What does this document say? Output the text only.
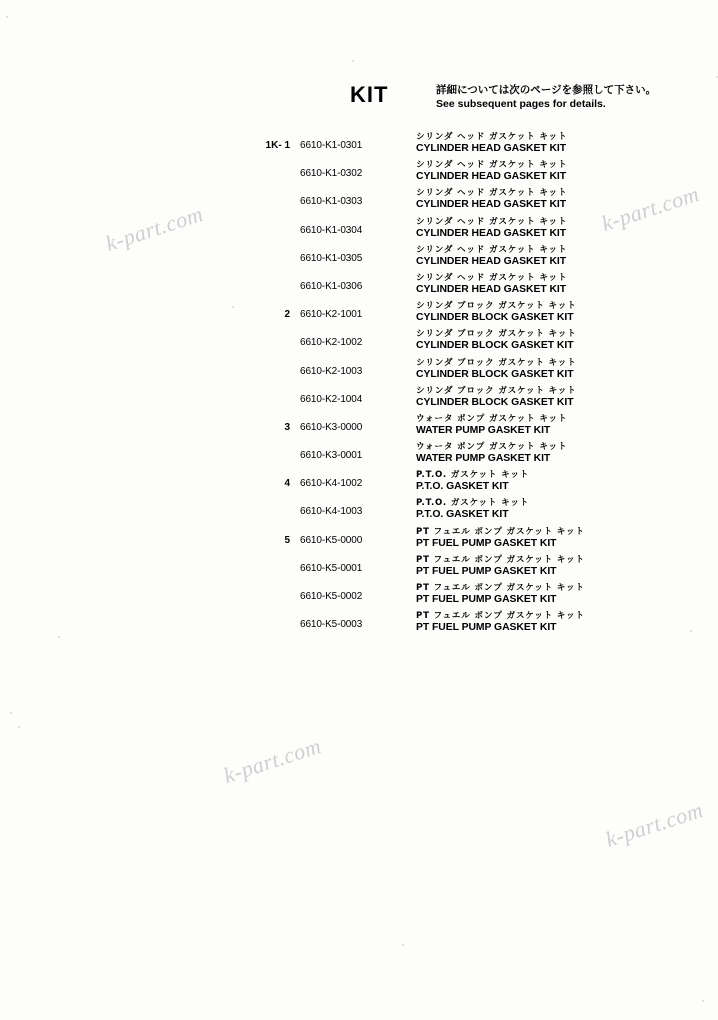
k-part.com	k-part.com
k-part.com
k-part.com
KIT	詳細については次のページを参照して下さい。
See subsequent pages for details.
1K- 1	6610-K1-0301
シリンダ ヘッド ガスケット キット
CYLINDER HEAD GASKET KIT
6610-K1-0302
シリンダ ヘッド ガスケット キット
CYLINDER HEAD GASKET KIT
6610-K1-0303
シリンダ ヘッド ガスケット キット
CYLINDER HEAD GASKET KIT
6610-K1-0304
シリンダ ヘッド ガスケット キット
CYLINDER HEAD GASKET KIT
6610-K1-0305
シリンダ ヘッド ガスケット キット
CYLINDER HEAD GASKET KIT
6610-K1-0306
シリンダ ヘッド ガスケット キット
CYLINDER HEAD GASKET KIT
2	6610-K2-1001
シリンダ ブロック ガスケット キット
CYLINDER BLOCK GASKET KIT
6610-K2-1002
シリンダ ブロック ガスケット キット
CYLINDER BLOCK GASKET KIT
6610-K2-1003
シリンダ ブロック ガスケット キット
CYLINDER BLOCK GASKET KIT
6610-K2-1004
シリンダ ブロック ガスケット キット
CYLINDER BLOCK GASKET KIT
3	6610-K3-0000
ウォータ ポンプ ガスケット キット
WATER PUMP GASKET KIT
6610-K3-0001
ウォータ ポンプ ガスケット キット
WATER PUMP GASKET KIT
4	6610-K4-1002
P.T.O. ガスケット キット
P.T.O. GASKET KIT
6610-K4-1003
P.T.O. ガスケット キット
P.T.O. GASKET KIT
5	6610-K5-0000
PT フュエル ポンプ ガスケット キット
PT FUEL PUMP GASKET KIT
6610-K5-0001
PT フュエル ポンプ ガスケット キット
PT FUEL PUMP GASKET KIT
6610-K5-0002
PT フュエル ポンプ ガスケット キット
PT FUEL PUMP GASKET KIT
6610-K5-0003
PT フュエル ポンプ ガスケット キット
PT FUEL PUMP GASKET KIT
